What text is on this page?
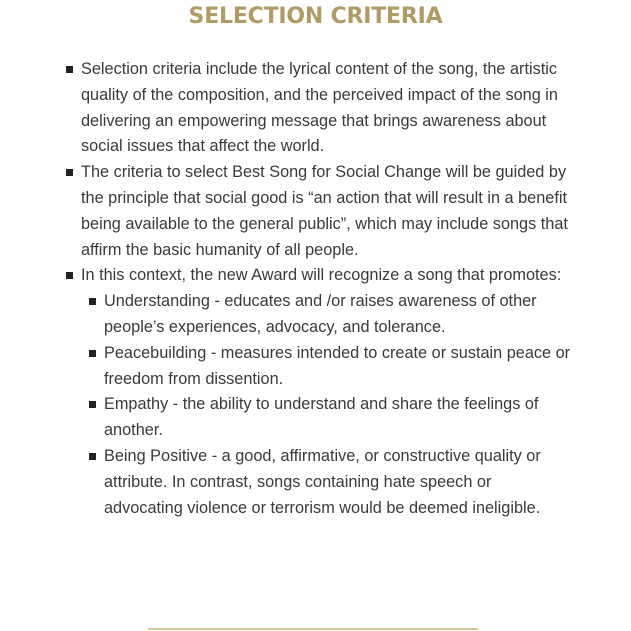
SELECTION CRITERIA
Selection criteria include the lyrical content of the song, the artistic quality of the composition, and the perceived impact of the song in delivering an empowering message that brings awareness about social issues that affect the world.
The criteria to select Best Song for Social Change will be guided by the principle that social good is “an action that will result in a benefit being available to the general public”, which may include songs that affirm the basic humanity of all people.
In this context, the new Award will recognize a song that promotes:
Understanding - educates and /or raises awareness of other people’s experiences, advocacy, and tolerance.
Peacebuilding - measures intended to create or sustain peace or freedom from dissention.
Empathy - the ability to understand and share the feelings of another.
Being Positive - a good, affirmative, or constructive quality or attribute. In contrast, songs containing hate speech or advocating violence or terrorism would be deemed ineligible.
